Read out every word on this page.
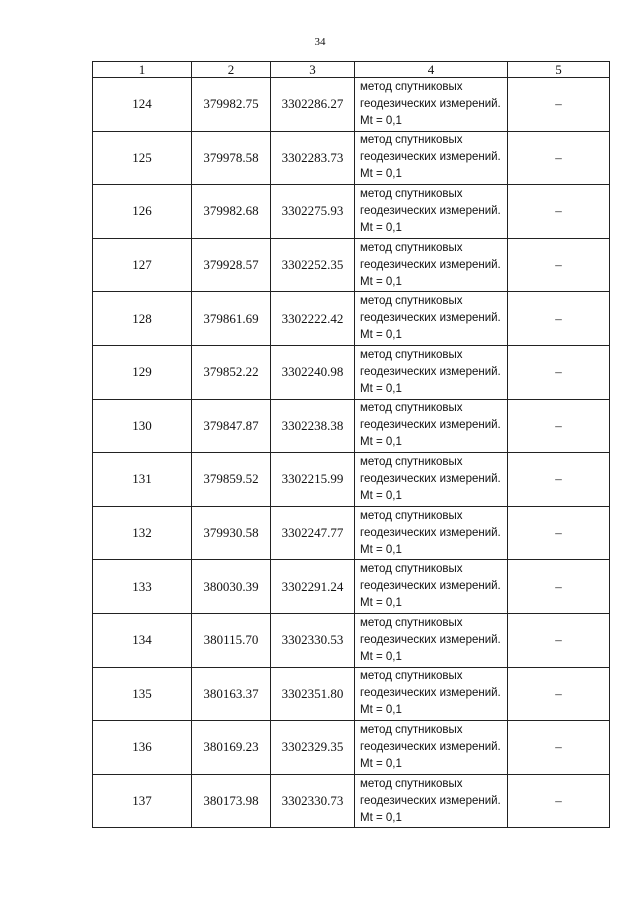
34
1	2	3	4	5
124	379982.75	3302286.27	метод спутниковых геодезических измерений. Mt = 0,1	–
125	379978.58	3302283.73	метод спутниковых геодезических измерений. Mt = 0,1	–
126	379982.68	3302275.93	метод спутниковых геодезических измерений. Mt = 0,1	–
127	379928.57	3302252.35	метод спутниковых геодезических измерений. Mt = 0,1	–
128	379861.69	3302222.42	метод спутниковых геодезических измерений. Mt = 0,1	–
129	379852.22	3302240.98	метод спутниковых геодезических измерений. Mt = 0,1	–
130	379847.87	3302238.38	метод спутниковых геодезических измерений. Mt = 0,1	–
131	379859.52	3302215.99	метод спутниковых геодезических измерений. Mt = 0,1	–
132	379930.58	3302247.77	метод спутниковых геодезических измерений. Mt = 0,1	–
133	380030.39	3302291.24	метод спутниковых геодезических измерений. Mt = 0,1	–
134	380115.70	3302330.53	метод спутниковых геодезических измерений. Mt = 0,1	–
135	380163.37	3302351.80	метод спутниковых геодезических измерений. Mt = 0,1	–
136	380169.23	3302329.35	метод спутниковых геодезических измерений. Mt = 0,1	–
137	380173.98	3302330.73	метод спутниковых геодезических измерений. Mt = 0,1	–
